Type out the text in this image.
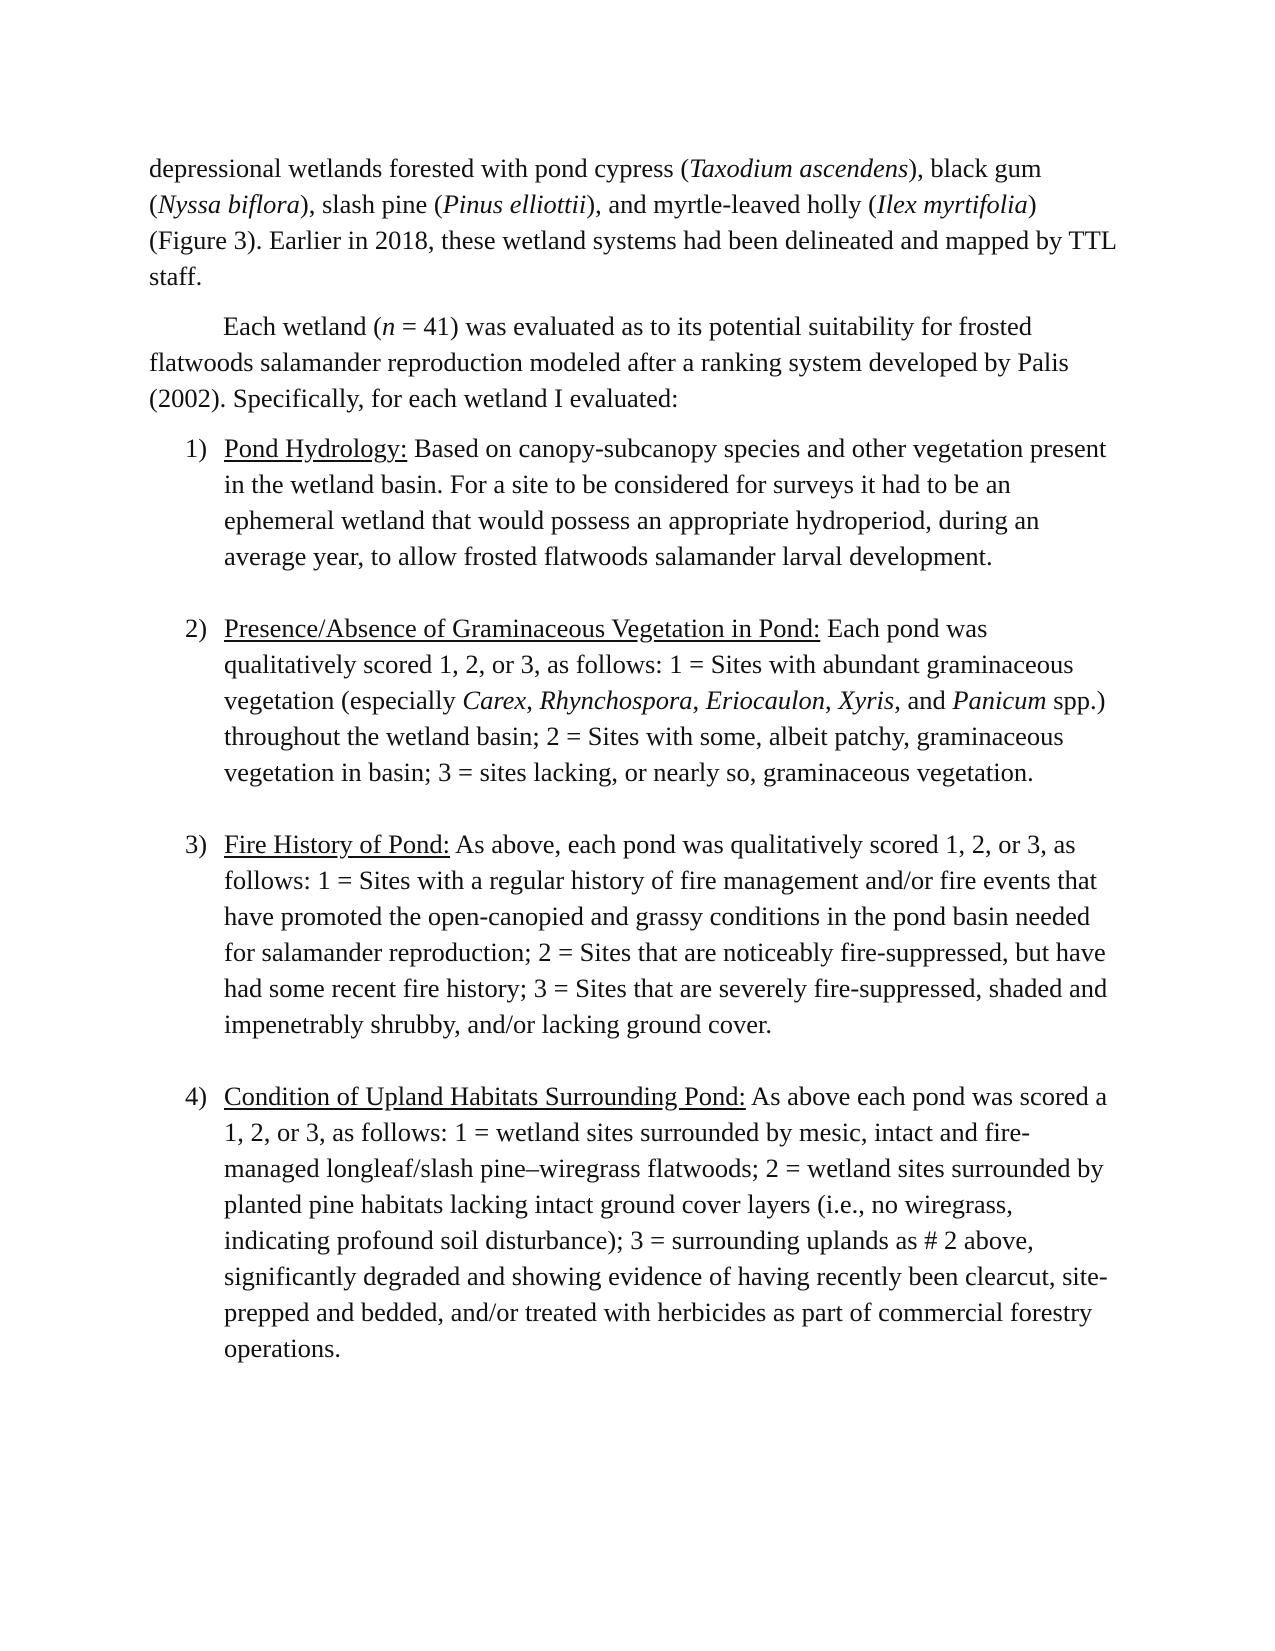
depressional wetlands forested with pond cypress (Taxodium ascendens), black gum (Nyssa biflora), slash pine (Pinus elliottii), and myrtle-leaved holly (Ilex myrtifolia) (Figure 3). Earlier in 2018, these wetland systems had been delineated and mapped by TTL staff.

Each wetland (n = 41) was evaluated as to its potential suitability for frosted flatwoods salamander reproduction modeled after a ranking system developed by Palis (2002). Specifically, for each wetland I evaluated:

1) Pond Hydrology: Based on canopy-subcanopy species and other vegetation present in the wetland basin. For a site to be considered for surveys it had to be an ephemeral wetland that would possess an appropriate hydroperiod, during an average year, to allow frosted flatwoods salamander larval development.
2) Presence/Absence of Graminaceous Vegetation in Pond: Each pond was qualitatively scored 1, 2, or 3, as follows: 1 = Sites with abundant graminaceous vegetation (especially Carex, Rhynchospora, Eriocaulon, Xyris, and Panicum spp.) throughout the wetland basin; 2 = Sites with some, albeit patchy, graminaceous vegetation in basin; 3 = sites lacking, or nearly so, graminaceous vegetation.
3) Fire History of Pond: As above, each pond was qualitatively scored 1, 2, or 3, as follows: 1 = Sites with a regular history of fire management and/or fire events that have promoted the open-canopied and grassy conditions in the pond basin needed for salamander reproduction; 2 = Sites that are noticeably fire-suppressed, but have had some recent fire history; 3 = Sites that are severely fire-suppressed, shaded and impenetrably shrubby, and/or lacking ground cover.
4) Condition of Upland Habitats Surrounding Pond: As above each pond was scored a 1, 2, or 3, as follows: 1 = wetland sites surrounded by mesic, intact and fire-managed longleaf/slash pine–wiregrass flatwoods; 2 = wetland sites surrounded by planted pine habitats lacking intact ground cover layers (i.e., no wiregrass, indicating profound soil disturbance); 3 = surrounding uplands as # 2 above, significantly degraded and showing evidence of having recently been clearcut, site-prepped and bedded, and/or treated with herbicides as part of commercial forestry operations.
